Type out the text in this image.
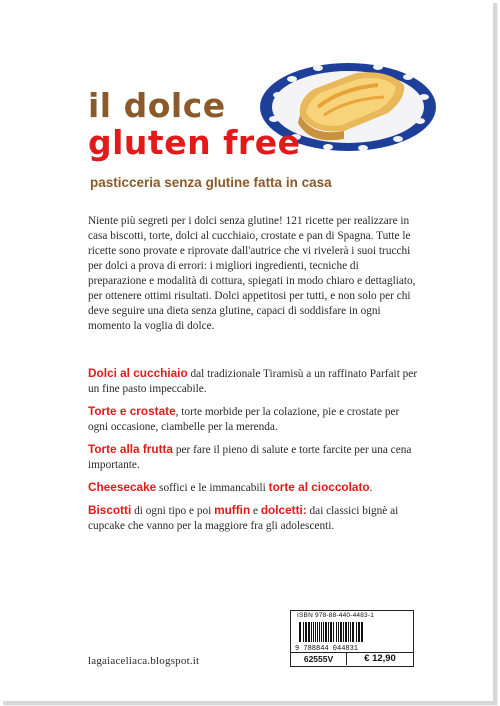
il dolce
gluten free
pasticceria senza glutine fatta in casa

Niente più segreti per i dolci senza glutine! 121 ricette per realizzare in casa biscotti, torte, dolci al cucchiaio, crostate e pan di Spagna. Tutte le ricette sono provate e riprovate dall'autrice che vi rivelerà i suoi trucchi per dolci a prova di errori: i migliori ingredienti, tecniche di preparazione e modalità di cottura, spiegati in modo chiaro e dettagliato, per ottenere ottimi risultati. Dolci appetitosi per tutti, e non solo per chi deve seguire una dieta senza glutine, capaci di soddisfare in ogni momento la voglia di dolce.

Dolci al cucchiaio dal tradizionale Tiramisù a un raffinato Parfait per un fine pasto impeccabile.

Torte e crostate, torte morbide per la colazione, pie e crostate per ogni occasione, ciambelle per la merenda.

Torte alla frutta per fare il pieno di salute e torte farcite per una cena importante.

Cheesecake soffici e le immancabili torte al cioccolato.

Biscotti di ogni tipo e poi muffin e dolcetti: dai classici bignè ai cupcake che vanno per la maggiore fra gli adolescenti.

ISBN 978-88-440-4483-1
9 788844 044831
62555V	€ 12,90
lagaiaceliaca.blogspot.it
